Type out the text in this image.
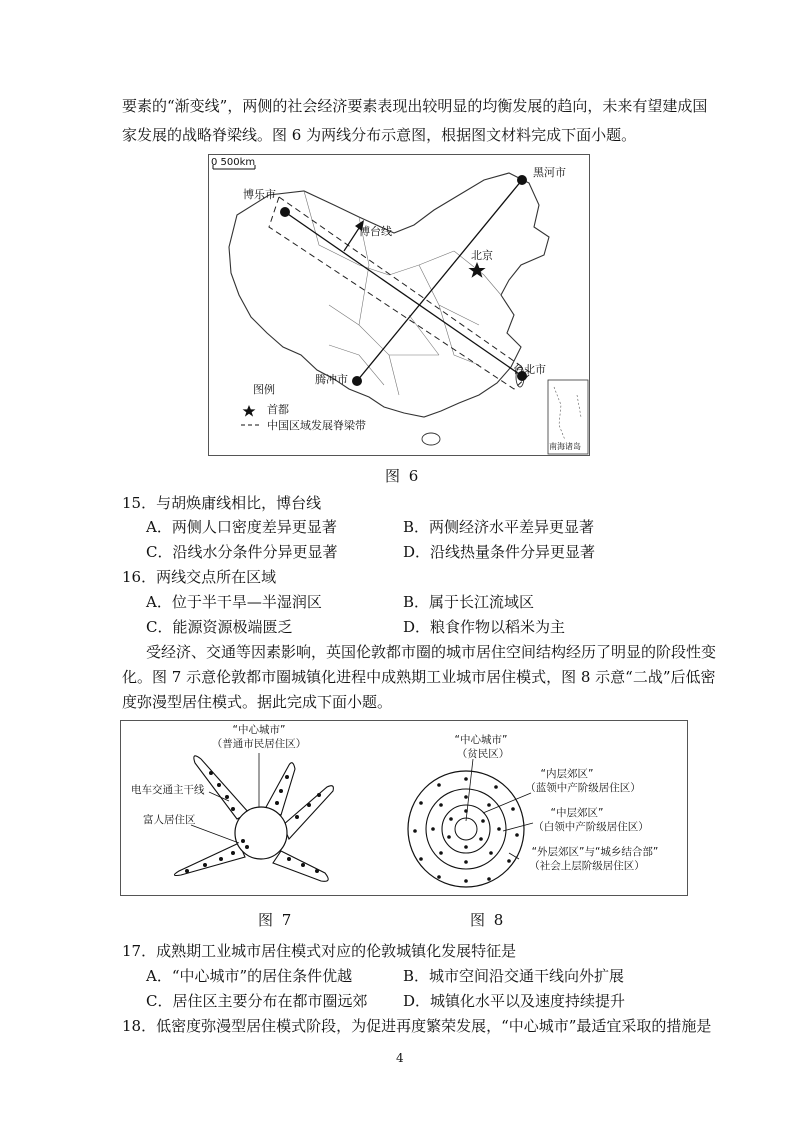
要素的“渐变线”，两侧的社会经济要素表现出较明显的均衡发展的趋向，未来有望建成国
家发展的战略脊梁线。图 6 为两线分布示意图，根据图文材料完成下面小题。
0 500km
博乐市
博台线
黑河市
北京
腾冲市
台北市
图例
首都
中国区域发展脊梁带
南海诸岛
图 6
15．与胡焕庸线相比，博台线
A．两侧人口密度差异更显著	B．两侧经济水平差异更显著
C．沿线水分条件分异更显著	D．沿线热量条件分异更显著
16．两线交点所在区域
A．位于半干旱—半湿润区	B．属于长江流域区
C．能源资源极端匮乏	D．粮食作物以稻米为主
受经济、交通等因素影响，英国伦敦都市圈的城市居住空间结构经历了明显的阶段性变
化。图 7 示意伦敦都市圈城镇化进程中成熟期工业城市居住模式，图 8 示意“二战”后低密
度弥漫型居住模式。据此完成下面小题。
“中心城市”
（普通市民居住区）
电车交通主干线
富人居住区
“中心城市”
（贫民区）
“内层郊区”
（蓝领中产阶级居住区）
“中层郊区”
（白领中产阶级居住区）
“外层郊区”与“城乡结合部”
（社会上层阶级居住区）
图 7	图 8
17．成熟期工业城市居住模式对应的伦敦城镇化发展特征是
A．“中心城市”的居住条件优越	B．城市空间沿交通干线向外扩展
C．居住区主要分布在都市圈远郊 D．城镇化水平以及速度持续提升
18．低密度弥漫型居住模式阶段，为促进再度繁荣发展，“中心城市”最适宜采取的措施是
4
